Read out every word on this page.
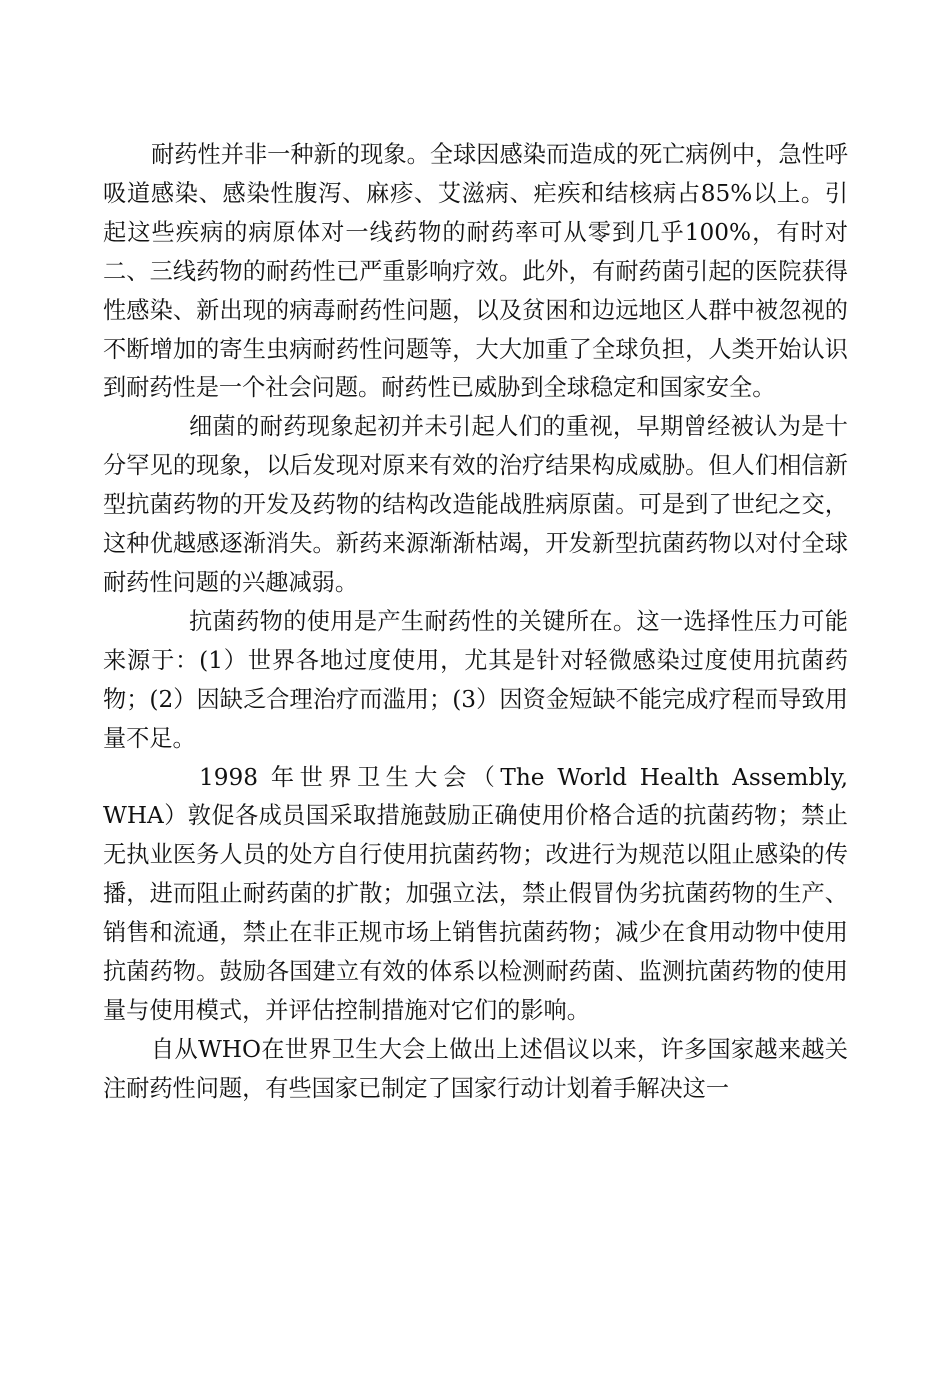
耐药性并非一种新的现象。全球因感染而造成的死亡病例中，急性呼吸道感染、感染性腹泻、麻疹、艾滋病、疟疾和结核病占85%以上。引起这些疾病的病原体对一线药物的耐药率可从零到几乎100%，有时对二、三线药物的耐药性已严重影响疗效。此外，有耐药菌引起的医院获得性感染、新出现的病毒耐药性问题，以及贫困和边远地区人群中被忽视的不断增加的寄生虫病耐药性问题等，大大加重了全球负担，人类开始认识到耐药性是一个社会问题。耐药性已威胁到全球稳定和国家安全。

细菌的耐药现象起初并未引起人们的重视，早期曾经被认为是十分罕见的现象，以后发现对原来有效的治疗结果构成威胁。但人们相信新型抗菌药物的开发及药物的结构改造能战胜病原菌。可是到了世纪之交，这种优越感逐渐消失。新药来源渐渐枯竭，开发新型抗菌药物以对付全球耐药性问题的兴趣减弱。

抗菌药物的使用是产生耐药性的关键所在。这一选择性压力可能来源于：(1）世界各地过度使用，尤其是针对轻微感染过度使用抗菌药物；(2）因缺乏合理治疗而滥用；(3）因资金短缺不能完成疗程而导致用量不足。

1998 年世界卫生大会（The World Health Assembly, WHA）敦促各成员国采取措施鼓励正确使用价格合适的抗菌药物；禁止无执业医务人员的处方自行使用抗菌药物；改进行为规范以阻止感染的传播，进而阻止耐药菌的扩散；加强立法，禁止假冒伪劣抗菌药物的生产、销售和流通，禁止在非正规市场上销售抗菌药物；减少在食用动物中使用抗菌药物。鼓励各国建立有效的体系以检测耐药菌、监测抗菌药物的使用量与使用模式，并评估控制措施对它们的影响。

自从WHO在世界卫生大会上做出上述倡议以来，许多国家越来越关注耐药性问题，有些国家已制定了国家行动计划着手解决这一
